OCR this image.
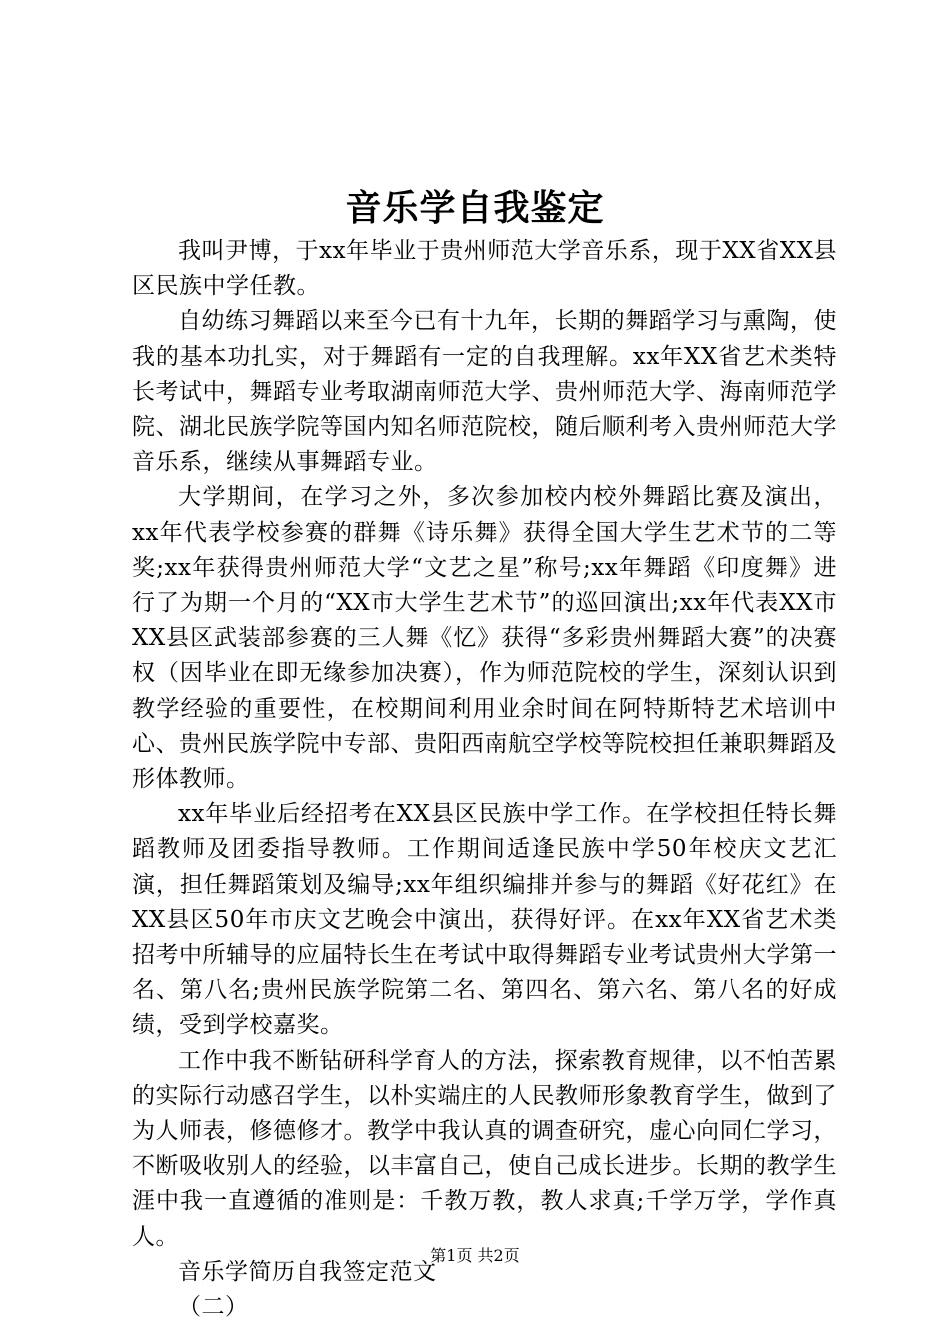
音乐学自我鉴定

我叫尹博，于xx年毕业于贵州师范大学音乐系，现于XX省XX县区民族中学任教。

自幼练习舞蹈以来至今已有十九年，长期的舞蹈学习与熏陶，使我的基本功扎实，对于舞蹈有一定的自我理解。xx年XX省艺术类特长考试中，舞蹈专业考取湖南师范大学、贵州师范大学、海南师范学院、湖北民族学院等国内知名师范院校，随后顺利考入贵州师范大学音乐系，继续从事舞蹈专业。

大学期间，在学习之外，多次参加校内校外舞蹈比赛及演出，xx年代表学校参赛的群舞《诗乐舞》获得全国大学生艺术节的二等奖;xx年获得贵州师范大学“文艺之星”称号;xx年舞蹈《印度舞》进行了为期一个月的“XX市大学生艺术节”的巡回演出;xx年代表XX市XX县区武装部参赛的三人舞《忆》获得“多彩贵州舞蹈大赛”的决赛权（因毕业在即无缘参加决赛），作为师范院校的学生，深刻认识到教学经验的重要性，在校期间利用业余时间在阿特斯特艺术培训中心、贵州民族学院中专部、贵阳西南航空学校等院校担任兼职舞蹈及形体教师。

xx年毕业后经招考在XX县区民族中学工作。在学校担任特长舞蹈教师及团委指导教师。工作期间适逢民族中学50年校庆文艺汇演，担任舞蹈策划及编导;xx年组织编排并参与的舞蹈《好花红》在XX县区50年市庆文艺晚会中演出，获得好评。在xx年XX省艺术类招考中所辅导的应届特长生在考试中取得舞蹈专业考试贵州大学第一名、第八名;贵州民族学院第二名、第四名、第六名、第八名的好成绩，受到学校嘉奖。

工作中我不断钻研科学育人的方法，探索教育规律，以不怕苦累的实际行动感召学生，以朴实端庄的人民教师形象教育学生，做到了为人师表，修德修才。教学中我认真的调查研究，虚心向同仁学习，不断吸收别人的经验，以丰富自己，使自己成长进步。长期的教学生涯中我一直遵循的准则是：千教万教，教人求真;千学万学，学作真人。

音乐学简历自我签定范文

（二）

第1页 共2页
